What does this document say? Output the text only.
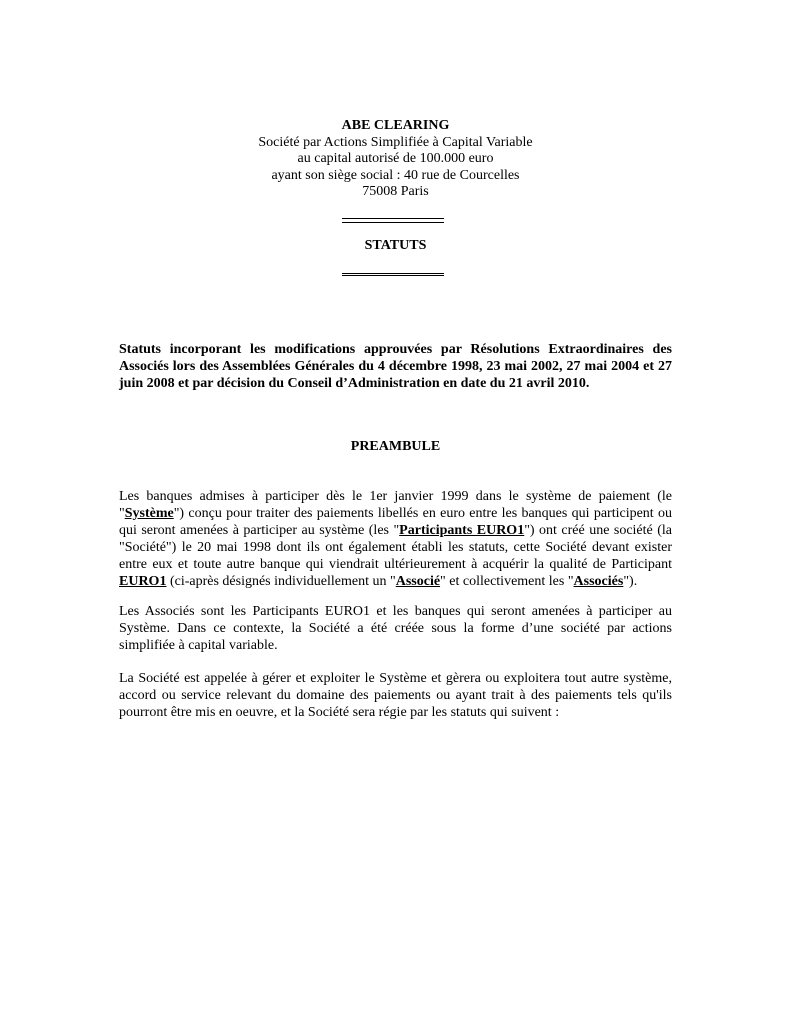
ABE CLEARING
Société par Actions Simplifiée à Capital Variable
au capital autorisé de 100.000 euro
ayant son siège social : 40 rue de Courcelles
75008 Paris
STATUTS
Statuts incorporant les modifications approuvées par Résolutions Extraordinaires des Associés lors des Assemblées Générales du 4 décembre 1998, 23 mai 2002, 27 mai 2004 et 27 juin 2008 et par décision du Conseil d’Administration en date du 21 avril 2010.
PREAMBULE

Les banques admises à participer dès le 1er janvier 1999 dans le système de paiement (le "Système") conçu pour traiter des paiements libellés en euro entre les banques qui participent ou qui seront amenées à participer au système (les "Participants EURO1") ont créé une société (la "Société") le 20 mai 1998 dont ils ont également établi les statuts, cette Société devant exister entre eux et toute autre banque qui viendrait ultérieurement à acquérir la qualité de Participant EURO1 (ci-après désignés individuellement un "Associé" et collectivement les "Associés").

Les Associés sont les Participants EURO1 et les banques qui seront amenées à participer au Système. Dans ce contexte, la Société a été créée sous la forme d’une société par actions simplifiée à capital variable.

La Société est appelée à gérer et exploiter le Système et gèrera ou exploitera tout autre système, accord ou service relevant du domaine des paiements ou ayant trait à des paiements tels qu'ils pourront être mis en oeuvre, et la Société sera régie par les statuts qui suivent :
